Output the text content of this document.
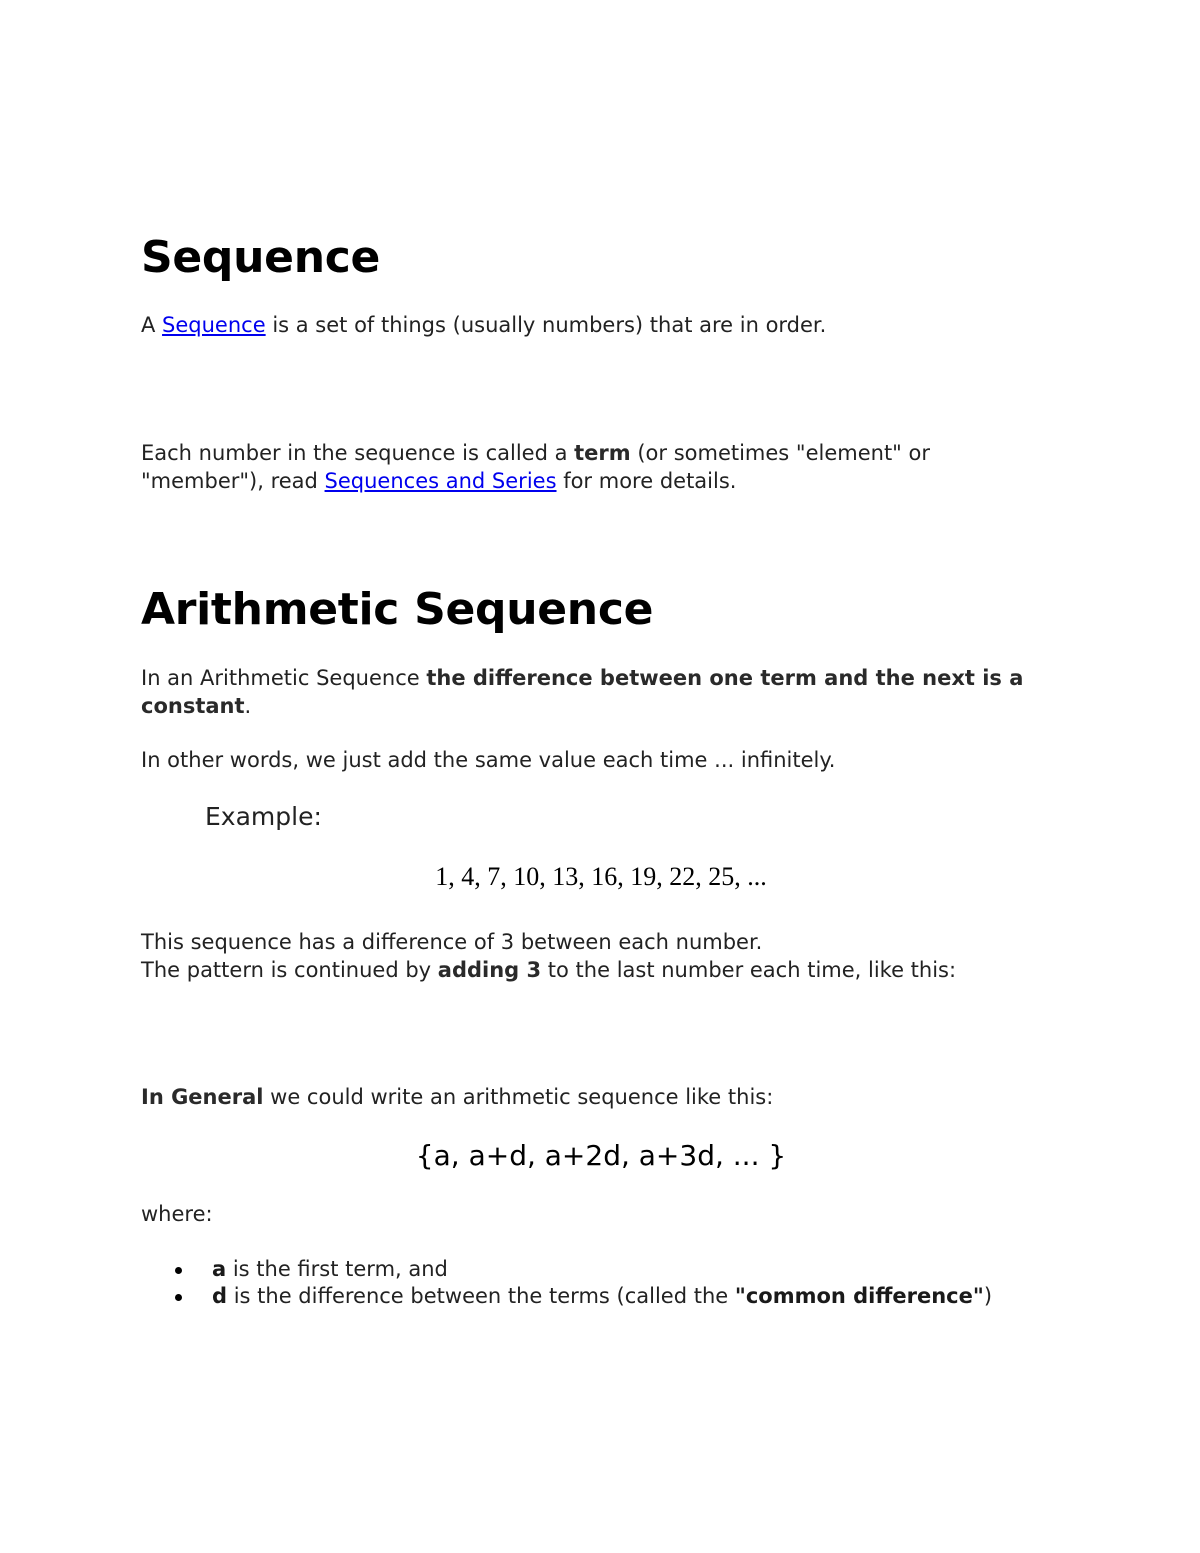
Sequence

A Sequence is a set of things (usually numbers) that are in order.

Each number in the sequence is called a term (or sometimes "element" or "member"), read Sequences and Series for more details.

Arithmetic Sequence

In an Arithmetic Sequence the difference between one term and the next is a constant.

In other words, we just add the same value each time ... infinitely.

Example:

1, 4, 7, 10, 13, 16, 19, 22, 25, ...

This sequence has a difference of 3 between each number.
The pattern is continued by adding 3 to the last number each time, like this:

In General we could write an arithmetic sequence like this:

{a, a+d, a+2d, a+3d, ... }

where:

a is the first term, and
d is the difference between the terms (called the "common difference")
